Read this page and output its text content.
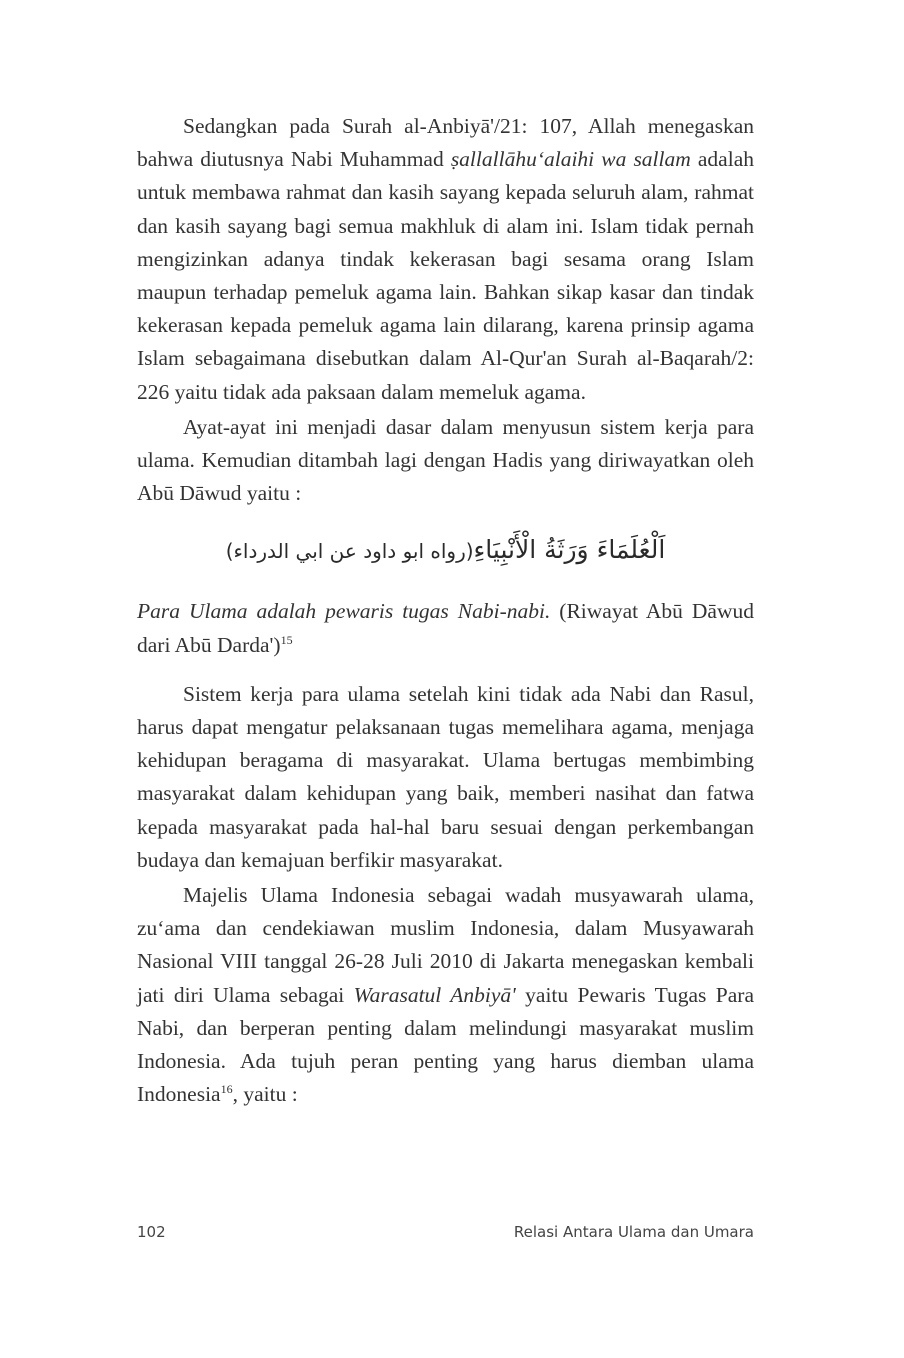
Sedangkan pada Surah al-Anbiyā'/21: 107, Allah menegaskan bahwa diutusnya Nabi Muhammad ṣallallāhu‘alaihi wa sallam adalah untuk membawa rahmat dan kasih sayang kepada seluruh alam, rahmat dan kasih sayang bagi semua makhluk di alam ini. Islam tidak pernah mengizinkan adanya tindak kekerasan bagi sesama orang Islam maupun terhadap pemeluk agama lain. Bahkan sikap kasar dan tindak kekerasan kepada pemeluk agama lain dilarang, karena prinsip agama Islam sebagaimana disebutkan dalam Al-Qur'an Surah al-Baqarah/2: 226 yaitu tidak ada paksaan dalam memeluk agama.

Ayat-ayat ini menjadi dasar dalam menyusun sistem kerja para ulama. Kemudian ditambah lagi dengan Hadis yang diriwayatkan oleh Abū Dāwud yaitu :

اَلْعُلَمَاءَ وَرَثَةُ الْأَنْبِيَاءِ(رواه ابو داود عن ابي الدرداء)

Para Ulama adalah pewaris tugas Nabi-nabi. (Riwayat Abū Dāwud dari Abū Darda')$^{15}$

Sistem kerja para ulama setelah kini tidak ada Nabi dan Rasul, harus dapat mengatur pelaksanaan tugas memelihara agama, menjaga kehidupan beragama di masyarakat. Ulama bertugas membimbing masyarakat dalam kehidupan yang baik, memberi nasihat dan fatwa kepada masyarakat pada hal-hal baru sesuai dengan perkembangan budaya dan kemajuan berfikir masyarakat.

Majelis Ulama Indonesia sebagai wadah musyawarah ulama, zu‘ama dan cendekiawan muslim Indonesia, dalam Musyawarah Nasional VIII tanggal 26-28 Juli 2010 di Jakarta menegaskan kembali jati diri Ulama sebagai Warasatul Anbiyā' yaitu Pewaris Tugas Para Nabi, dan berperan penting dalam melindungi masyarakat muslim Indonesia. Ada tujuh peran penting yang harus diemban ulama Indonesia$^{16}$, yaitu :

102	Relasi Antara Ulama dan Umara
